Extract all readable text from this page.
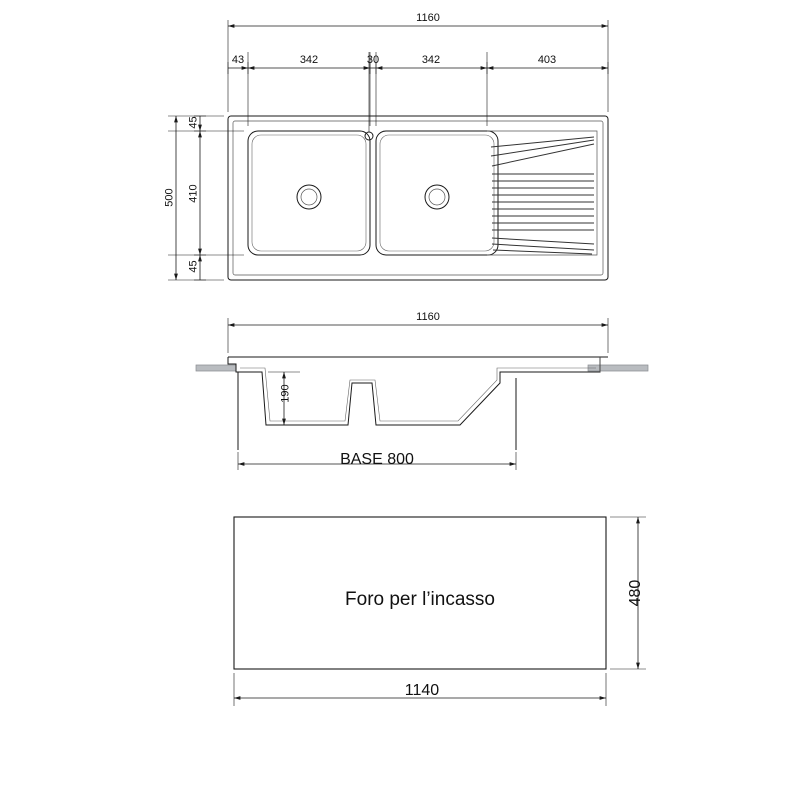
1160
43	342	30	342	403
500
45
410
45
1160
190
BASE 800
Foro per l’incasso
1140
480
